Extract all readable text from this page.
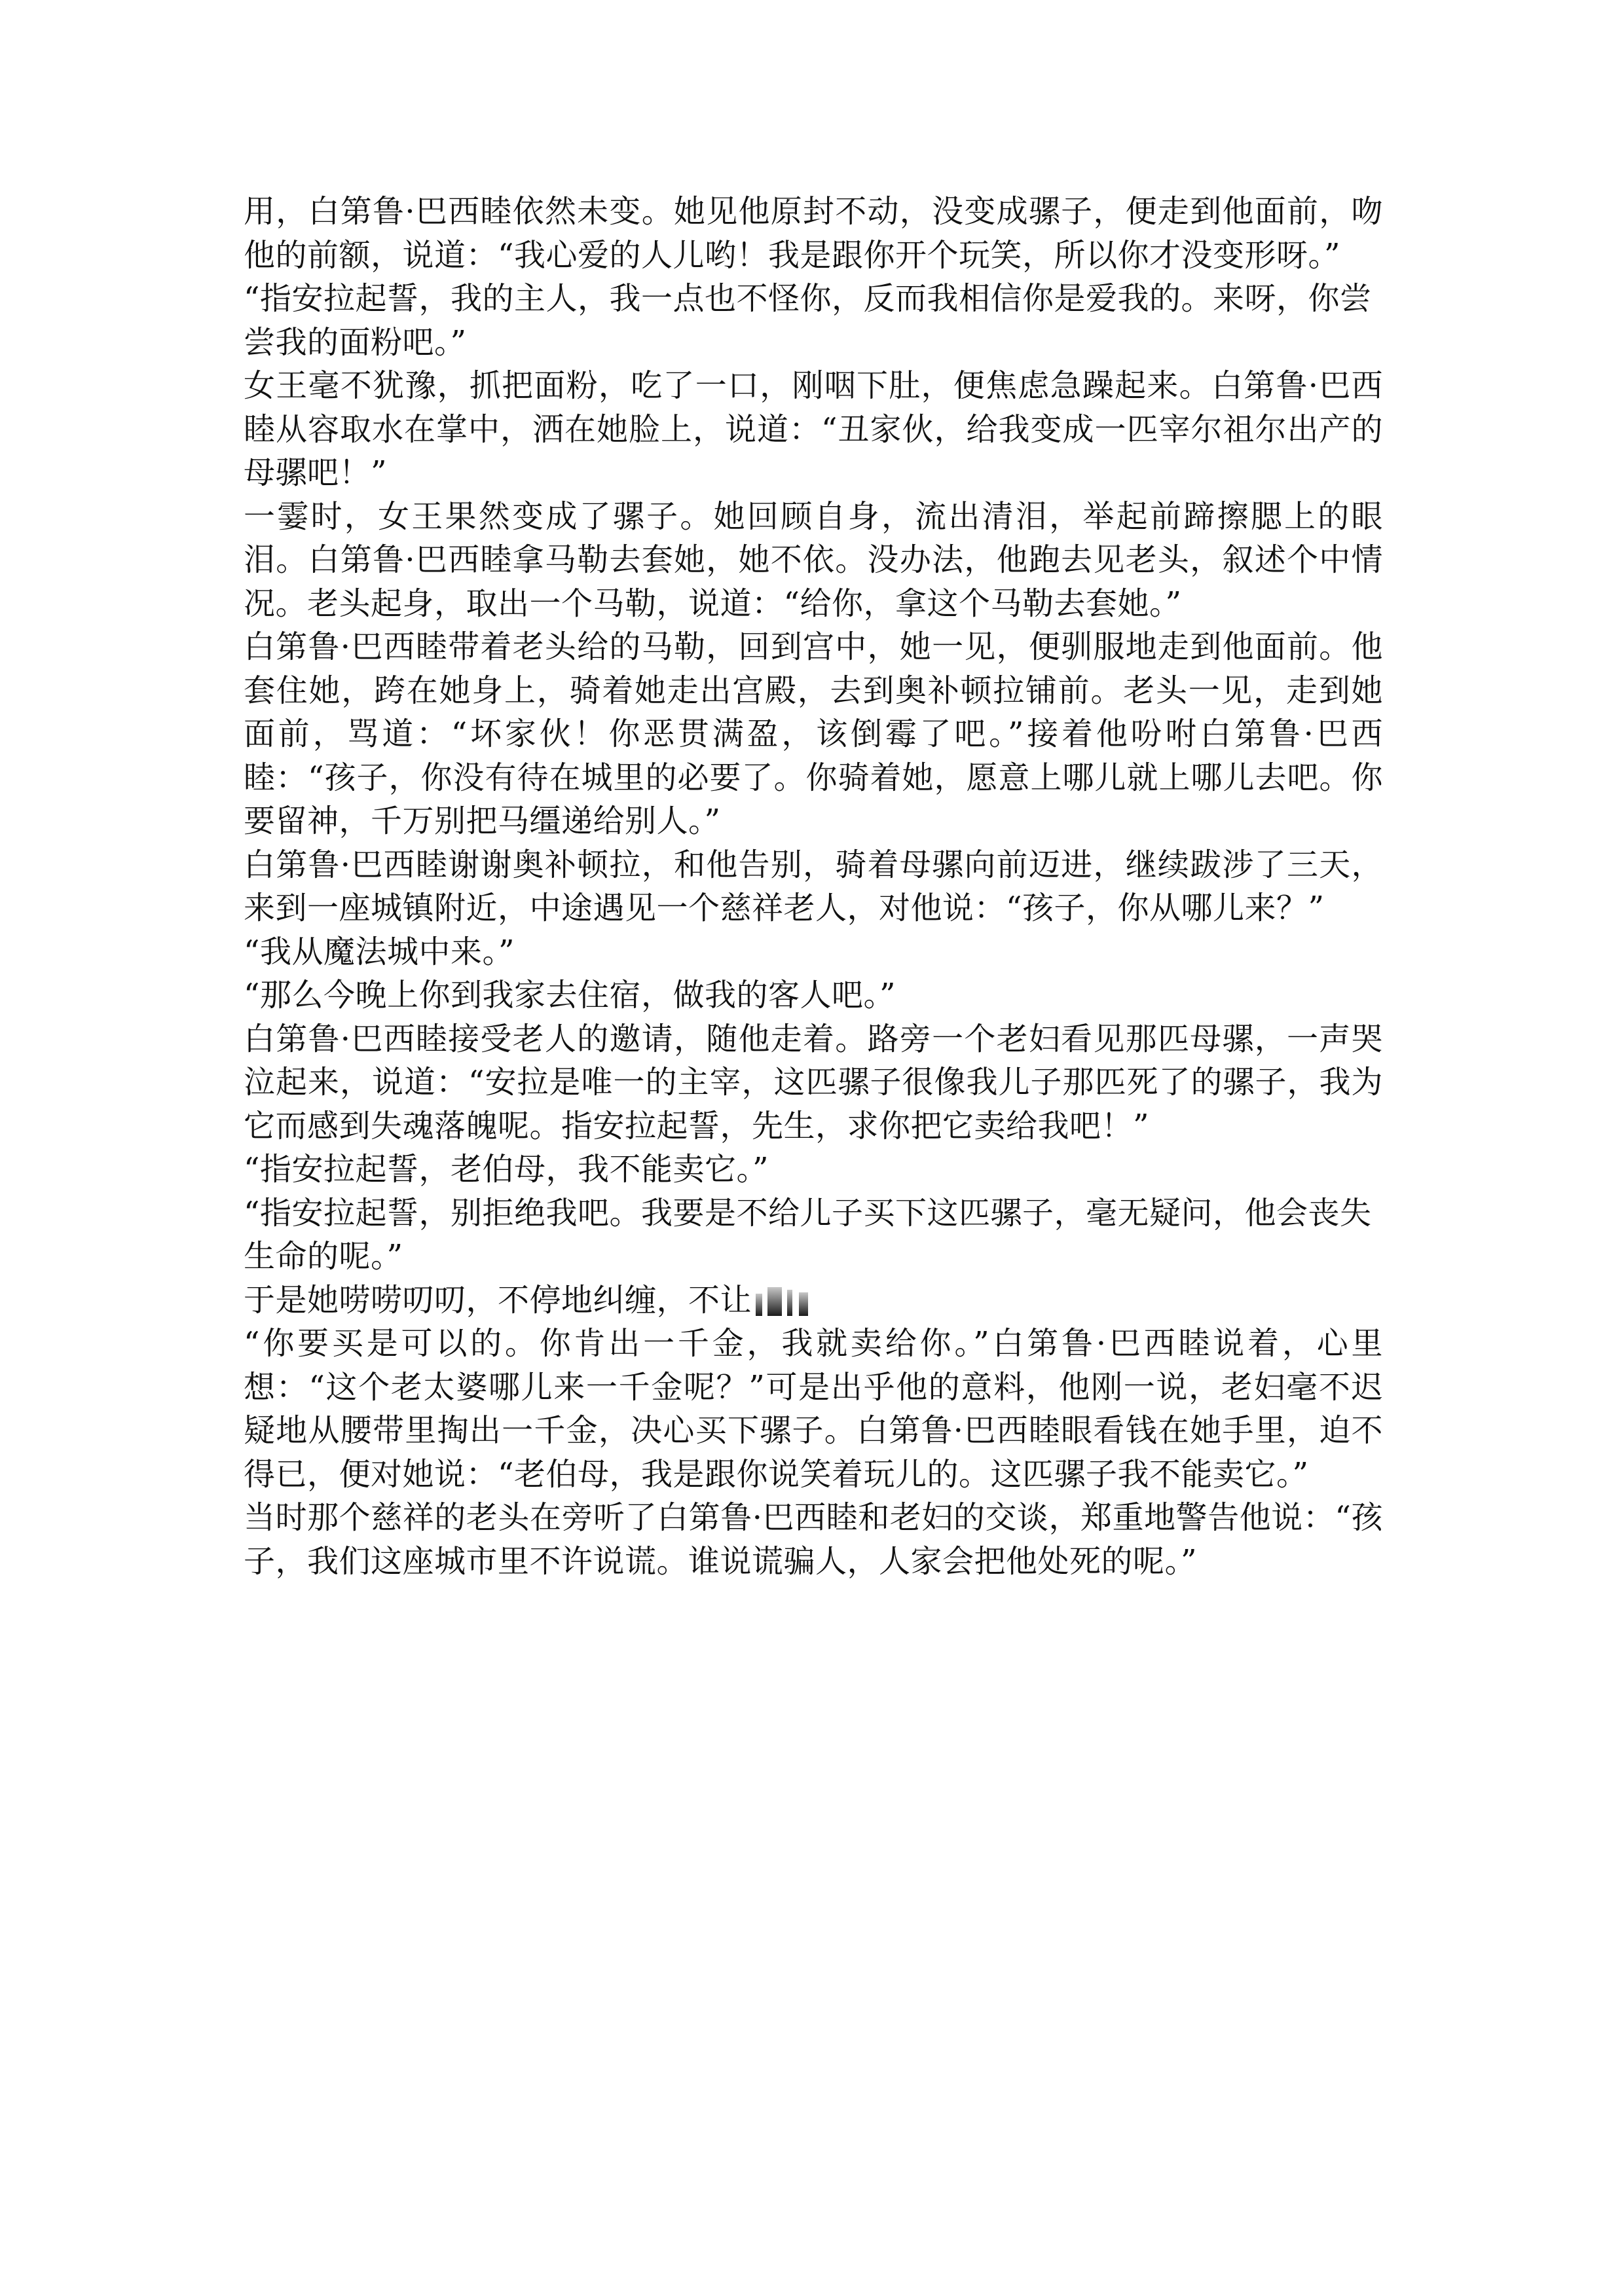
用，白第鲁·巴西睦依然未变。她见他原封不动，没变成骡子，便走到他面前，吻他的前额，说道：“我心爱的人儿哟！我是跟你开个玩笑，所以你才没变形呀。”

“指安拉起誓，我的主人，我一点也不怪你，反而我相信你是爱我的。来呀，你尝尝我的面粉吧。”

女王毫不犹豫，抓把面粉，吃了一口，刚咽下肚，便焦虑急躁起来。白第鲁·巴西睦从容取水在掌中，洒在她脸上，说道：“丑家伙，给我变成一匹宰尔祖尔出产的母骡吧！”

一霎时，女王果然变成了骡子。她回顾自身，流出清泪，举起前蹄擦腮上的眼泪。白第鲁·巴西睦拿马勒去套她，她不依。没办法，他跑去见老头，叙述个中情况。老头起身，取出一个马勒，说道：“给你，拿这个马勒去套她。”

白第鲁·巴西睦带着老头给的马勒，回到宫中，她一见，便驯服地走到他面前。他套住她，跨在她身上，骑着她走出宫殿，去到奥补顿拉铺前。老头一见，走到她面前，骂道：“坏家伙！你恶贯满盈，该倒霉了吧。”接着他吩咐白第鲁·巴西睦：“孩子，你没有待在城里的必要了。你骑着她，愿意上哪儿就上哪儿去吧。你要留神，千万别把马缰递给别人。”

白第鲁·巴西睦谢谢奥补顿拉，和他告别，骑着母骡向前迈进，继续跋涉了三天，来到一座城镇附近，中途遇见一个慈祥老人，对他说：“孩子，你从哪儿来？”

“我从魔法城中来。”

“那么今晚上你到我家去住宿，做我的客人吧。”

白第鲁·巴西睦接受老人的邀请，随他走着。路旁一个老妇看见那匹母骡，一声哭泣起来，说道：“安拉是唯一的主宰，这匹骡子很像我儿子那匹死了的骡子，我为它而感到失魂落魄呢。指安拉起誓，先生，求你把它卖给我吧！”

“指安拉起誓，老伯母，我不能卖它。”

“指安拉起誓，别拒绝我吧。我要是不给儿子买下这匹骡子，毫无疑问，他会丧失生命的呢。”

于是她唠唠叨叨，不停地纠缠，不让

“你要买是可以的。你肯出一千金，我就卖给你。”白第鲁·巴西睦说着，心里想：“这个老太婆哪儿来一千金呢？”可是出乎他的意料，他刚一说，老妇毫不迟疑地从腰带里掏出一千金，决心买下骡子。白第鲁·巴西睦眼看钱在她手里，迫不得已，便对她说：“老伯母，我是跟你说笑着玩儿的。这匹骡子我不能卖它。”

当时那个慈祥的老头在旁听了白第鲁·巴西睦和老妇的交谈，郑重地警告他说：“孩子，我们这座城市里不许说谎。谁说谎骗人，人家会把他处死的呢。”
